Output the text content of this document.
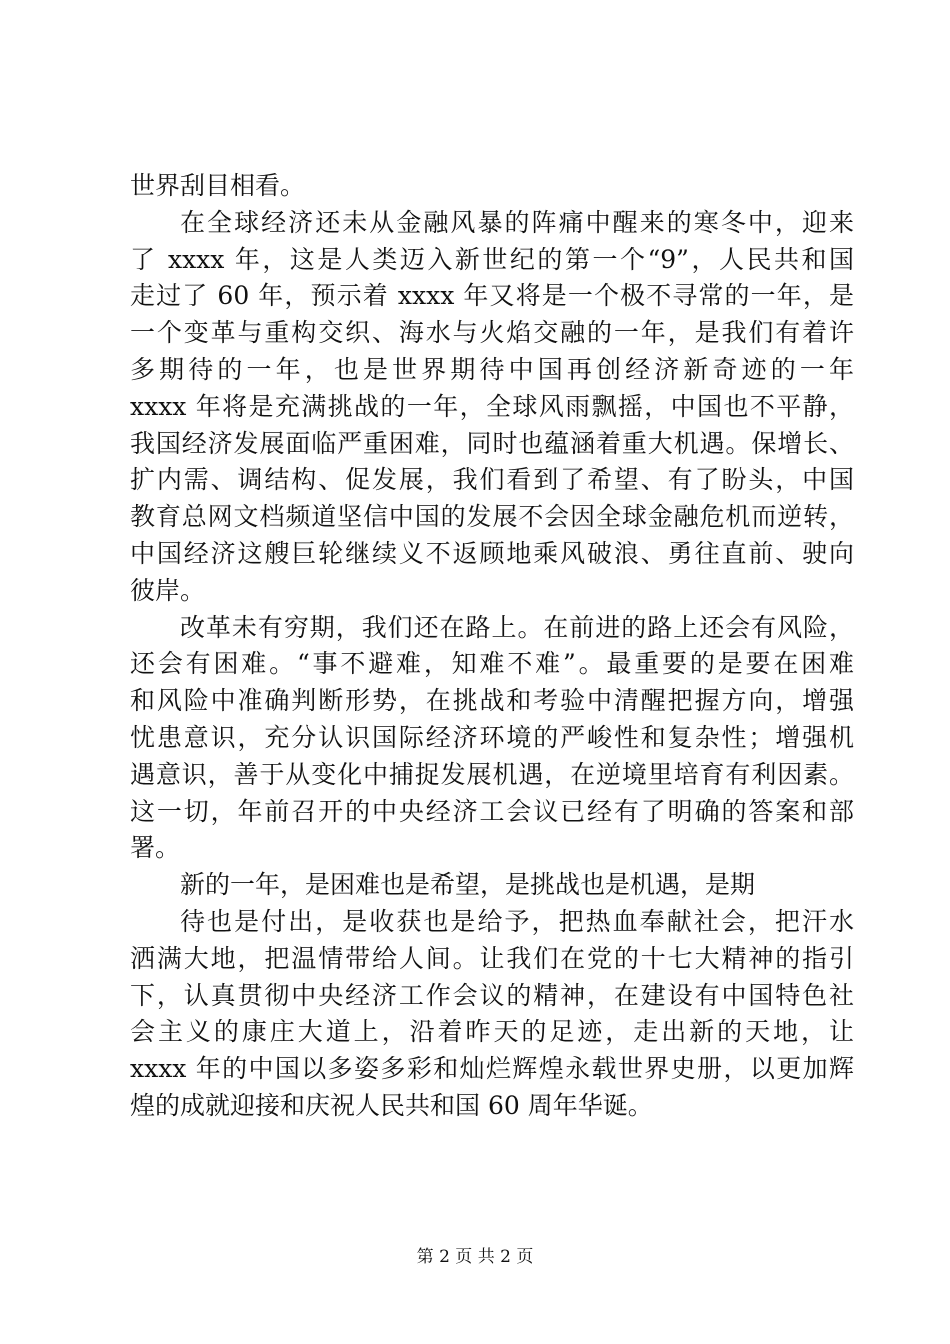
世界刮目相看。
在全球经济还未从金融风暴的阵痛中醒来的寒冬中，迎来
了 xxxx 年，这是人类迈入新世纪的第一个“9”，人民共和国
走过了 60 年，预示着 xxxx 年又将是一个极不寻常的一年，是
一个变革与重构交织、海水与火焰交融的一年，是我们有着许
多期待的一年，也是世界期待中国再创经济新奇迹的一年
xxxx 年将是充满挑战的一年，全球风雨飘摇，中国也不平静，
我国经济发展面临严重困难，同时也蕴涵着重大机遇。保增长、
扩内需、调结构、促发展，我们看到了希望、有了盼头，中国
教育总网文档频道坚信中国的发展不会因全球金融危机而逆转，
中国经济这艘巨轮继续义不返顾地乘风破浪、勇往直前、驶向
彼岸。
改革未有穷期，我们还在路上。在前进的路上还会有风险，
还会有困难。“事不避难，知难不难”。最重要的是要在困难
和风险中准确判断形势，在挑战和考验中清醒把握方向，增强
忧患意识，充分认识国际经济环境的严峻性和复杂性；增强机
遇意识，善于从变化中捕捉发展机遇，在逆境里培育有利因素。
这一切，年前召开的中央经济工会议已经有了明确的答案和部
署。
新的一年，是困难也是希望，是挑战也是机遇，是期
待也是付出，是收获也是给予，把热血奉献社会，把汗水
洒满大地，把温情带给人间。让我们在党的十七大精神的指引
下，认真贯彻中央经济工作会议的精神，在建设有中国特色社
会主义的康庄大道上，沿着昨天的足迹，走出新的天地，让
xxxx 年的中国以多姿多彩和灿烂辉煌永载世界史册，以更加辉
煌的成就迎接和庆祝人民共和国 60 周年华诞。
第 2 页 共 2 页
